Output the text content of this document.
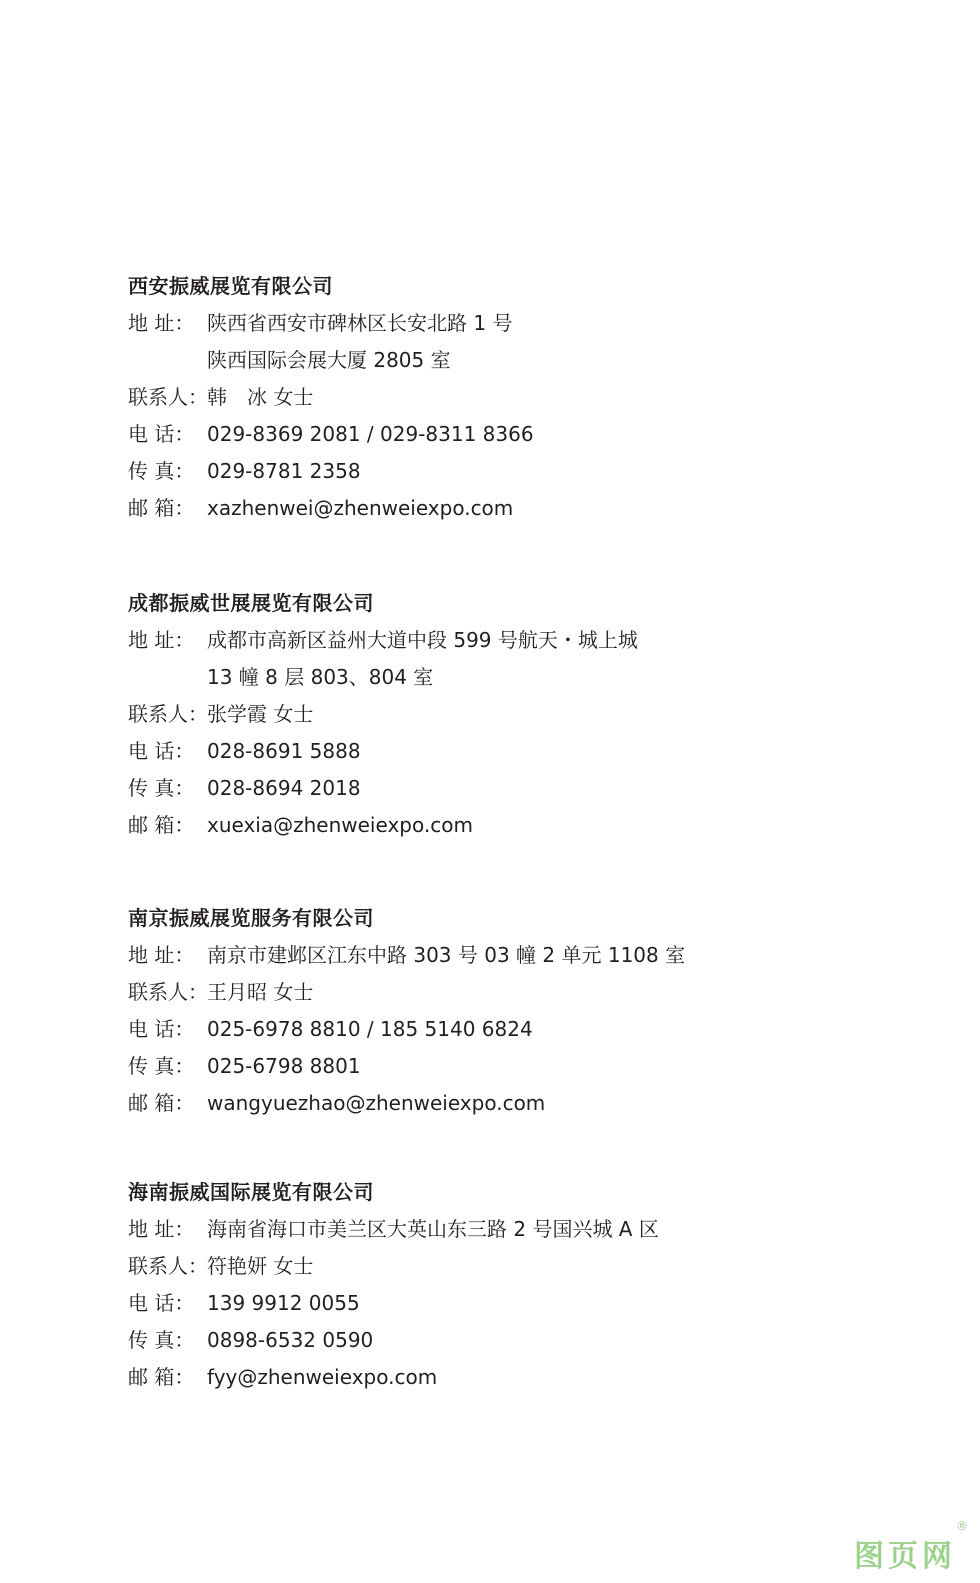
西安振威展览有限公司
地 址： 陕西省西安市碑林区长安北路 1 号
陕西国际会展大厦 2805 室
联系人： 韩　冰 女士
电 话： 029-8369 2081 / 029-8311 8366
传 真： 029-8781 2358
邮 箱： xazhenwei@zhenweiexpo.com
成都振威世展展览有限公司
地 址： 成都市高新区益州大道中段 599 号航天・城上城
13 幢 8 层 803、804 室
联系人： 张学霞 女士
电 话： 028-8691 5888
传 真： 028-8694 2018
邮 箱： xuexia@zhenweiexpo.com
南京振威展览服务有限公司
地 址： 南京市建邺区江东中路 303 号 03 幢 2 单元 1108 室
联系人： 王月昭 女士
电 话： 025-6978 8810 / 185 5140 6824
传 真： 025-6798 8801
邮 箱： wangyuezhao@zhenweiexpo.com
海南振威国际展览有限公司
地 址： 海南省海口市美兰区大英山东三路 2 号国兴城 A 区
联系人： 符艳妍 女士
电 话： 139 9912 0055
传 真： 0898-6532 0590
邮 箱： fyy@zhenweiexpo.com
图页网
®
